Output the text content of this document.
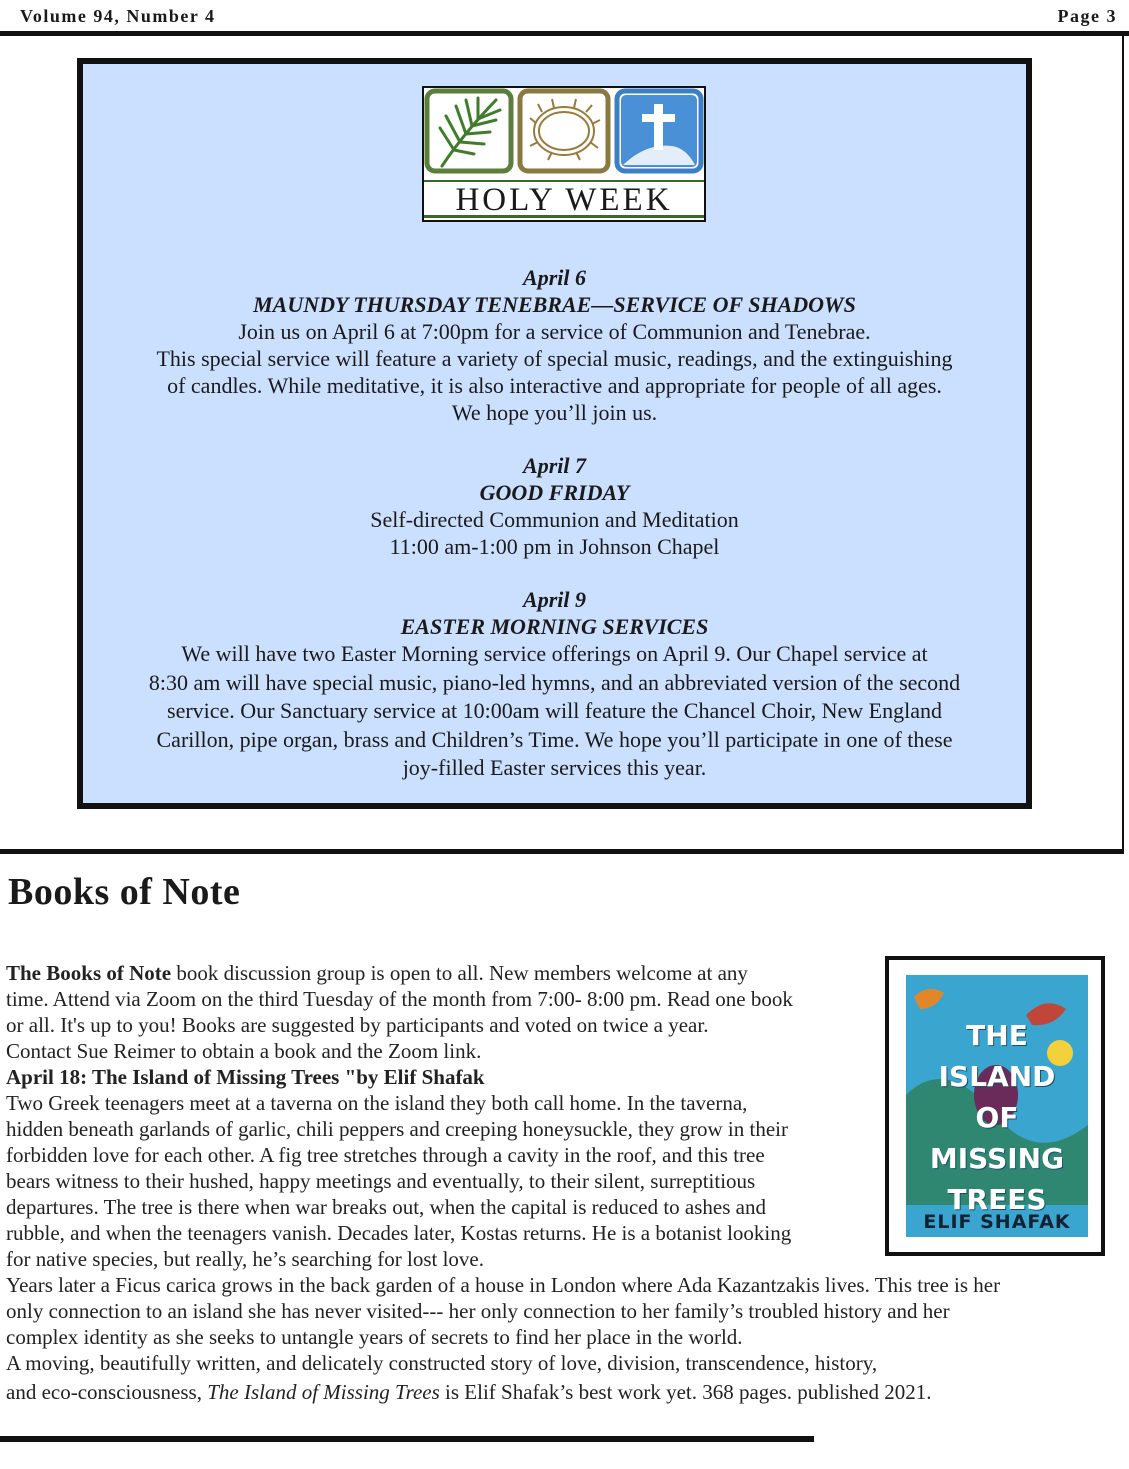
Volume 94, Number 4	Page 3
HOLY WEEK

April 6

MAUNDY THURSDAY TENEBRAE—SERVICE OF SHADOWS

Join us on April 6 at 7:00pm for a service of Communion and Tenebrae.

This special service will feature a variety of special music, readings, and the extinguishing

of candles. While meditative, it is also interactive and appropriate for people of all ages.

We hope you’ll join us.

April 7

GOOD FRIDAY

Self-directed Communion and Meditation

11:00 am-1:00 pm in Johnson Chapel

April 9

EASTER MORNING SERVICES

We will have two Easter Morning service offerings on April 9. Our Chapel service at

8:30 am will have special music, piano-led hymns, and an abbreviated version of the second

service. Our Sanctuary service at 10:00am will feature the Chancel Choir, New England

Carillon, pipe organ, brass and Children’s Time. We hope you’ll participate in one of these

joy-filled Easter services this year.

Books of Note

The Books of Note book discussion group is open to all. New members welcome at any

time. Attend via Zoom on the third Tuesday of the month from 7:00- 8:00 pm. Read one book

or all. It's up to you! Books are suggested by participants and voted on twice a year.

Contact Sue Reimer to obtain a book and the Zoom link.

April 18: The Island of Missing Trees "by Elif Shafak

Two Greek teenagers meet at a taverna on the island they both call home. In the taverna,

hidden beneath garlands of garlic, chili peppers and creeping honeysuckle, they grow in their

forbidden love for each other. A fig tree stretches through a cavity in the roof, and this tree

bears witness to their hushed, happy meetings and eventually, to their silent, surreptitious

departures. The tree is there when war breaks out, when the capital is reduced to ashes and

rubble, and when the teenagers vanish. Decades later, Kostas returns. He is a botanist looking

for native species, but really, he’s searching for lost love.

Years later a Ficus carica grows in the back garden of a house in London where Ada Kazantzakis lives. This tree is her

only connection to an island she has never visited--- her only connection to her family’s troubled history and her

complex identity as she seeks to untangle years of secrets to find her place in the world.

A moving, beautifully written, and delicately constructed story of love, division, transcendence, history,

and eco-consciousness, The Island of Missing Trees is Elif Shafak’s best work yet. 368 pages. published 2021.

THE
ISLAND
OF
MISSING
TREES
ELIF SHAFAK
